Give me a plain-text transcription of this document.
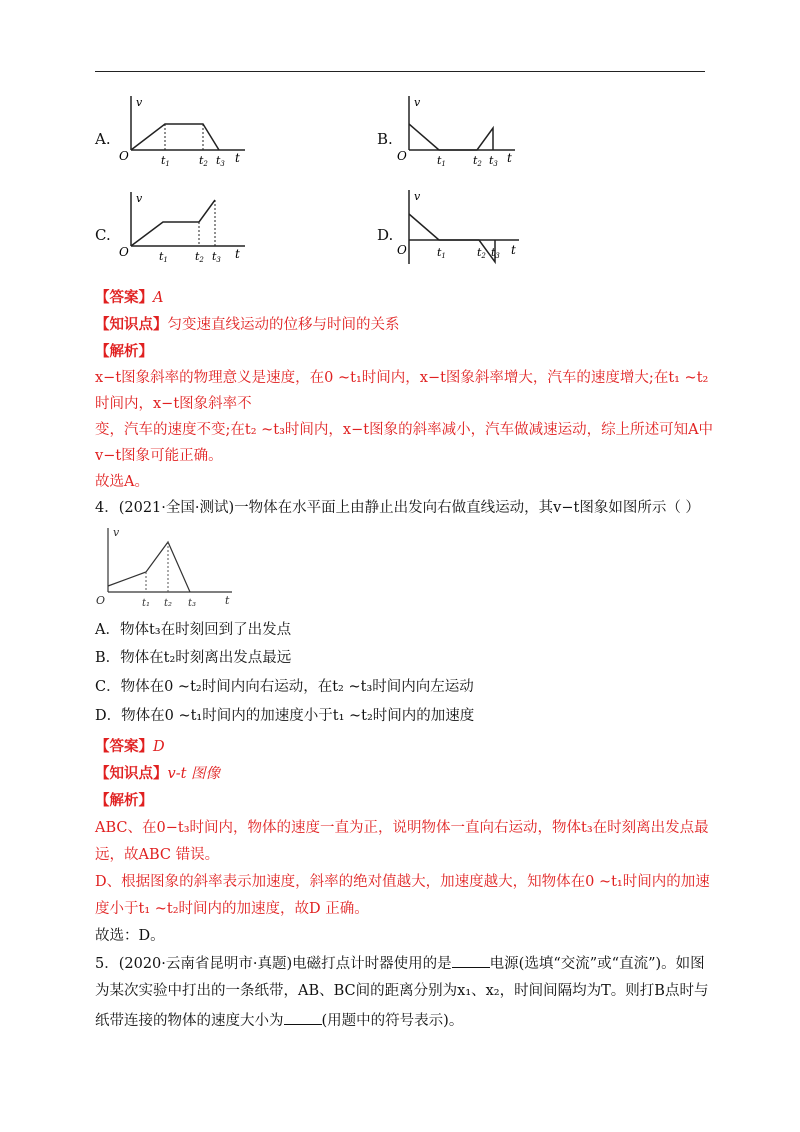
A.	B.
C.	D.
v
O	t1	t2 t3 t
v
O	t1 t2 t3 t
v
O	t1 t2 t3 t
v
O	t1	t2 t3 t
【答案】A
【知识点】匀变速直线运动的位移与时间的关系
【解析】
x−t图象斜率的物理意义是速度，在0 ~t₁时间内，x−t图象斜率增大，汽车的速度增大;在t₁ ~t₂
时间内，x−t图象斜率不
变，汽车的速度不变;在t₂ ~t₃时间内，x−t图象的斜率减小，汽车做减速运动，综上所述可知A中
v−t图象可能正确。
故选A。
4．(2021·全国·测试)一物体在水平面上由静止出发向右做直线运动，其v−t图象如图所示（ ）
v
O	t₁ t₂ t₃	t
A．物体t₃在时刻回到了出发点
B．物体在t₂时刻离出发点最远
C．物体在0 ~t₂时间内向右运动，在t₂ ~t₃时间内向左运动
D．物体在0 ~t₁时间内的加速度小于t₁ ~t₂时间内的加速度
【答案】D
【知识点】v-t 图像
【解析】
ABC、在0−t₃时间内，物体的速度一直为正，说明物体一直向右运动，物体t₃在时刻离出发点最
远，故ABC 错误。
D、根据图象的斜率表示加速度，斜率的绝对值越大，加速度越大，知物体在0 ~t₁时间内的加速
度小于t₁ ~t₂时间内的加速度，故D 正确。
故选：D。
5．(2020·云南省昆明市·真题)电磁打点计时器使用的是	电源(选填“交流”或“直流”)。如图
为某次实验中打出的一条纸带，AB、BC间的距离分别为x₁、x₂，时间间隔均为T。则打B点时与
纸带连接的物体的速度大小为	(用题中的符号表示)。
